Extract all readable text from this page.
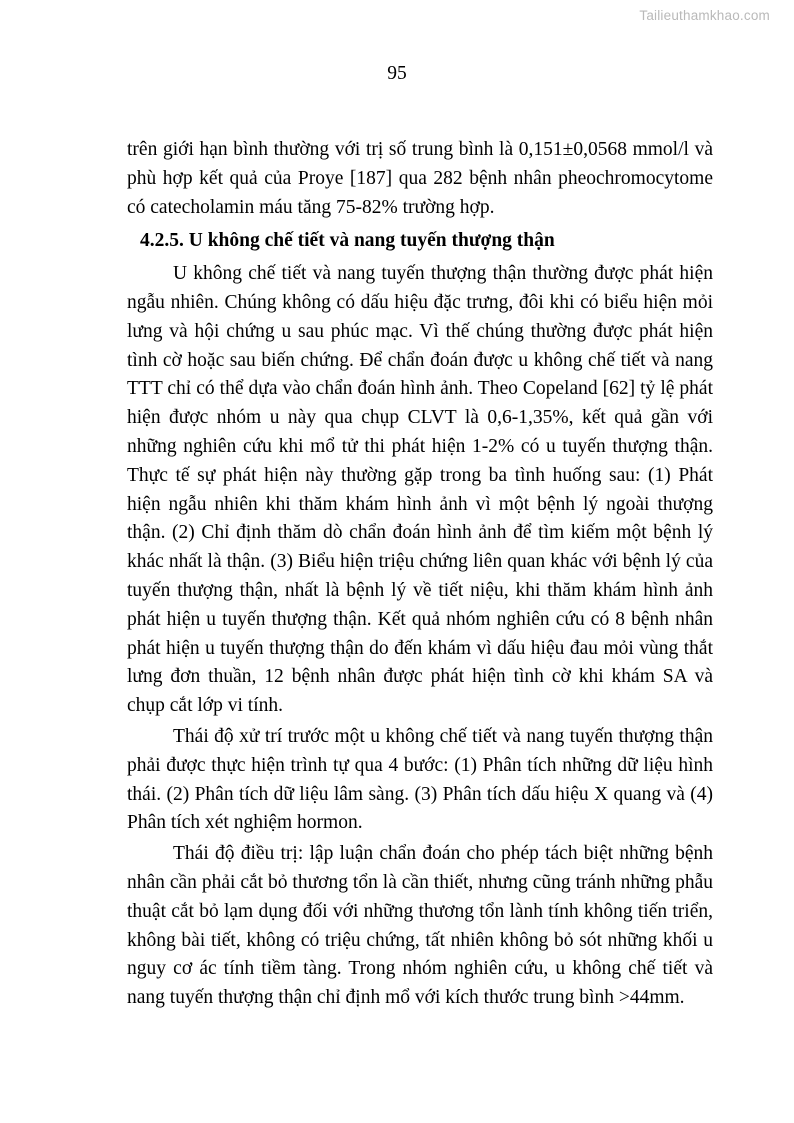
Tailieuthamkhao.com
95

trên giới hạn bình thường với trị số trung bình là 0,151±0,0568 mmol/l và phù hợp kết quả của Proye [187] qua 282 bệnh nhân pheochromocytome có catecholamin máu tăng 75-82% trường hợp.

4.2.5. U không chế tiết và nang tuyến thượng thận

U không chế tiết và nang tuyến thượng thận thường được phát hiện ngẫu nhiên. Chúng không có dấu hiệu đặc trưng, đôi khi có biểu hiện mỏi lưng và hội chứng u sau phúc mạc. Vì thế chúng thường được phát hiện tình cờ hoặc sau biến chứng. Để chẩn đoán được u không chế tiết và nang TTT chỉ có thể dựa vào chẩn đoán hình ảnh. Theo Copeland [62] tỷ lệ phát hiện được nhóm u này qua chụp CLVT là 0,6-1,35%, kết quả gần với những nghiên cứu khi mổ tử thi phát hiện 1-2% có u tuyến thượng thận. Thực tế sự phát hiện này thường gặp trong ba tình huống sau: (1) Phát hiện ngẫu nhiên khi thăm khám hình ảnh vì một bệnh lý ngoài thượng thận. (2) Chỉ định thăm dò chẩn đoán hình ảnh để tìm kiếm một bệnh lý khác nhất là thận. (3) Biểu hiện triệu chứng liên quan khác với bệnh lý của tuyến thượng thận, nhất là bệnh lý về tiết niệu, khi thăm khám hình ảnh phát hiện u tuyến thượng thận. Kết quả nhóm nghiên cứu có 8 bệnh nhân phát hiện u tuyến thượng thận do đến khám vì dấu hiệu đau mỏi vùng thắt lưng đơn thuần, 12 bệnh nhân được phát hiện tình cờ khi khám SA và chụp cắt lớp vi tính.

Thái độ xử trí trước một u không chế tiết và nang tuyến thượng thận phải được thực hiện trình tự qua 4 bước: (1) Phân tích những dữ liệu hình thái. (2) Phân tích dữ liệu lâm sàng. (3) Phân tích dấu hiệu X quang và (4) Phân tích xét nghiệm hormon.

Thái độ điều trị: lập luận chẩn đoán cho phép tách biệt những bệnh nhân cần phải cắt bỏ thương tổn là cần thiết, nhưng cũng tránh những phẫu thuật cắt bỏ lạm dụng đối với những thương tổn lành tính không tiến triển, không bài tiết, không có triệu chứng, tất nhiên không bỏ sót những khối u nguy cơ ác tính tiềm tàng. Trong nhóm nghiên cứu, u không chế tiết và nang tuyến thượng thận chỉ định mổ với kích thước trung bình >44mm.
